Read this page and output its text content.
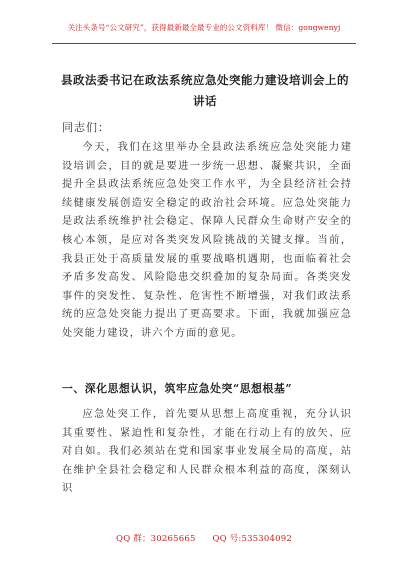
关注头条号“公文研究”，获得最新最全最专业的公文资料库！ 微信：gongwenyj
县政法委书记在政法系统应急处突能力建设培训会上的讲话
同志们：
今天，我们在这里举办全县政法系统应急处突能力建设培训会，目的就是要进一步统一思想、凝聚共识，全面提升全县政法系统应急处突工作水平，为全县经济社会持续健康发展创造安全稳定的政治社会环境。应急处突能力是政法系统维护社会稳定、保障人民群众生命财产安全的核心本领，是应对各类突发风险挑战的关键支撑。当前，我县正处于高质量发展的重要战略机遇期，也面临着社会矛盾多发高发、风险隐患交织叠加的复杂局面。各类突发事件的突发性、复杂性、危害性不断增强，对我们政法系统的应急处突能力提出了更高要求。下面，我就加强应急处突能力建设，讲六个方面的意见。
一、深化思想认识，筑牢应急处突“思想根基”
应急处突工作，首先要从思想上高度重视，充分认识其重要性、紧迫性和复杂性，才能在行动上有的放矢、应对自如。我们必须站在党和国家事业发展全局的高度，站在维护全县社会稳定和人民群众根本利益的高度，深刻认识
QQ 群：30265665 QQ 号:535304092
